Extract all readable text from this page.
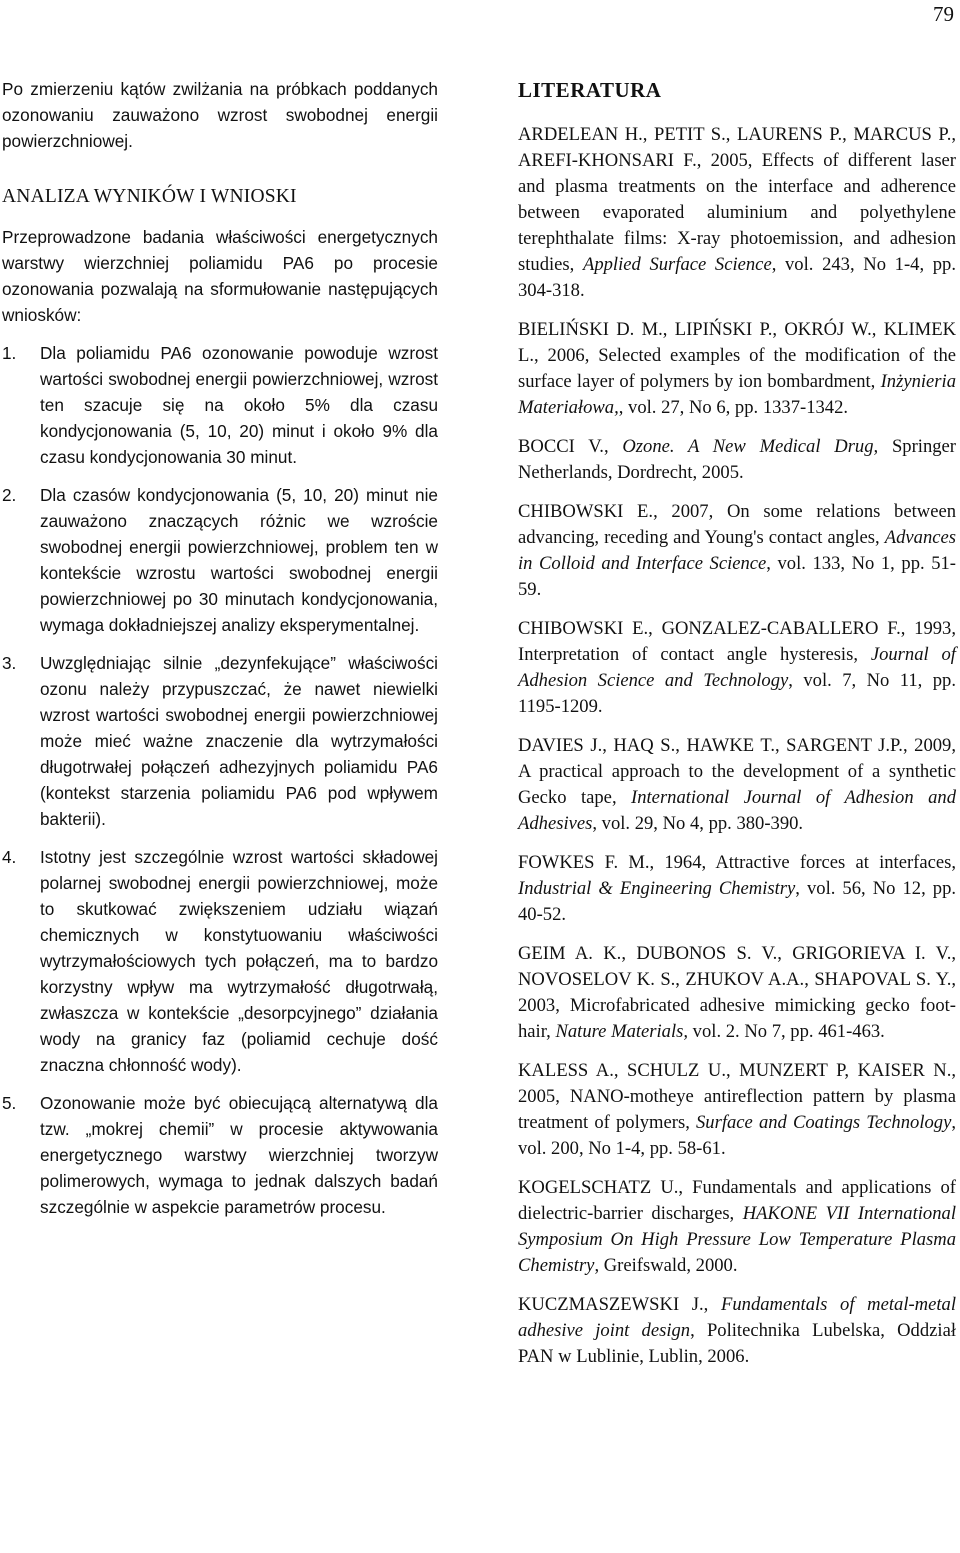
79

Po zmierzeniu kątów zwilżania na próbkach poddanych ozonowaniu zauważono wzrost swobodnej energii powierzchniowej.

ANALIZA WYNIKÓW I WNIOSKI

Przeprowadzone badania właściwości energetycznych warstwy wierzchniej poliamidu PA6 po procesie ozonowania pozwalają na sformułowanie następujących wniosków:

1. Dla poliamidu PA6 ozonowanie powoduje wzrost wartości swobodnej energii powierzchniowej, wzrost ten szacuje się na około 5% dla czasu kondycjonowania (5, 10, 20) minut i około 9% dla czasu kondycjonowania 30 minut.
2. Dla czasów kondycjonowania (5, 10, 20) minut nie zauważono znaczących różnic we wzroście swobodnej energii powierzchniowej, problem ten w kontekście wzrostu wartości swobodnej energii powierzchniowej po 30 minutach kondycjonowania, wymaga dokładniejszej analizy eksperymentalnej.
3. Uwzględniając silnie „dezynfekujące” właściwości ozonu należy przypuszczać, że nawet niewielki wzrost wartości swobodnej energii powierzchniowej może mieć ważne znaczenie dla wytrzymałości długotrwałej połączeń adhezyjnych poliamidu PA6 (kontekst starzenia poliamidu PA6 pod wpływem bakterii).
4. Istotny jest szczególnie wzrost wartości składowej polarnej swobodnej energii powierzchniowej, może to skutkować zwiększeniem udziału wiązań chemicznych w konstytuowaniu właściwości wytrzymałościowych tych połączeń, ma to bardzo korzystny wpływ ma wytrzymałość długotrwałą, zwłaszcza w kontekście „desorpcyjnego” działania wody na granicy faz (poliamid cechuje dość znaczna chłonność wody).
5. Ozonowanie może być obiecującą alternatywą dla tzw. „mokrej chemii” w procesie aktywowania energetycznego warstwy wierzchniej tworzyw polimerowych, wymaga to jednak dalszych badań szczególnie w aspekcie parametrów procesu.
LITERATURA
ARDELEAN H., PETIT S., LAURENS P., MARCUS P., AREFI-KHONSARI F., 2005, Effects of different laser and plasma treatments on the interface and adherence between evaporated aluminium and polyethylene terephthalate films: X-ray photoemission, and adhesion studies, Applied Surface Science, vol. 243, No 1-4, pp. 304-318.
BIELIŃSKI D. M., LIPIŃSKI P., OKRÓJ W., KLIMEK L., 2006, Selected examples of the modification of the surface layer of polymers by ion bombardment, Inżynieria Materiałowa,, vol. 27, No 6, pp. 1337-1342.
BOCCI V., Ozone. A New Medical Drug, Springer Netherlands, Dordrecht, 2005.
CHIBOWSKI E., 2007, On some relations between advancing, receding and Young's contact angles, Advances in Colloid and Interface Science, vol. 133, No 1, pp. 51-59.
CHIBOWSKI E., GONZALEZ-CABALLERO F., 1993, Interpretation of contact angle hysteresis, Journal of Adhesion Science and Technology, vol. 7, No 11, pp. 1195-1209.
DAVIES J., HAQ S., HAWKE T., SARGENT J.P., 2009, A practical approach to the development of a synthetic Gecko tape, International Journal of Adhesion and Adhesives, vol. 29, No 4, pp. 380-390.
FOWKES F. M., 1964, Attractive forces at interfaces, Industrial & Engineering Chemistry, vol. 56, No 12, pp. 40-52.
GEIM A. K., DUBONOS S. V., GRIGORIEVA I. V., NOVOSELOV K. S., ZHUKOV A.A., SHAPOVAL S. Y., 2003, Microfabricated adhesive mimicking gecko foot-hair, Nature Materials, vol. 2. No 7, pp. 461-463.
KALESS A., SCHULZ U., MUNZERT P, KAISER N., 2005, NANO-motheye antireflection pattern by plasma treatment of polymers, Surface and Coatings Technology, vol. 200, No 1-4, pp. 58-61.
KOGELSCHATZ U., Fundamentals and applications of dielectric-barrier discharges, HAKONE VII International Symposium On High Pressure Low Temperature Plasma Chemistry, Greifswald, 2000.
KUCZMASZEWSKI J., Fundamentals of metal-metal adhesive joint design, Politechnika Lubelska, Oddział PAN w Lublinie, Lublin, 2006.
